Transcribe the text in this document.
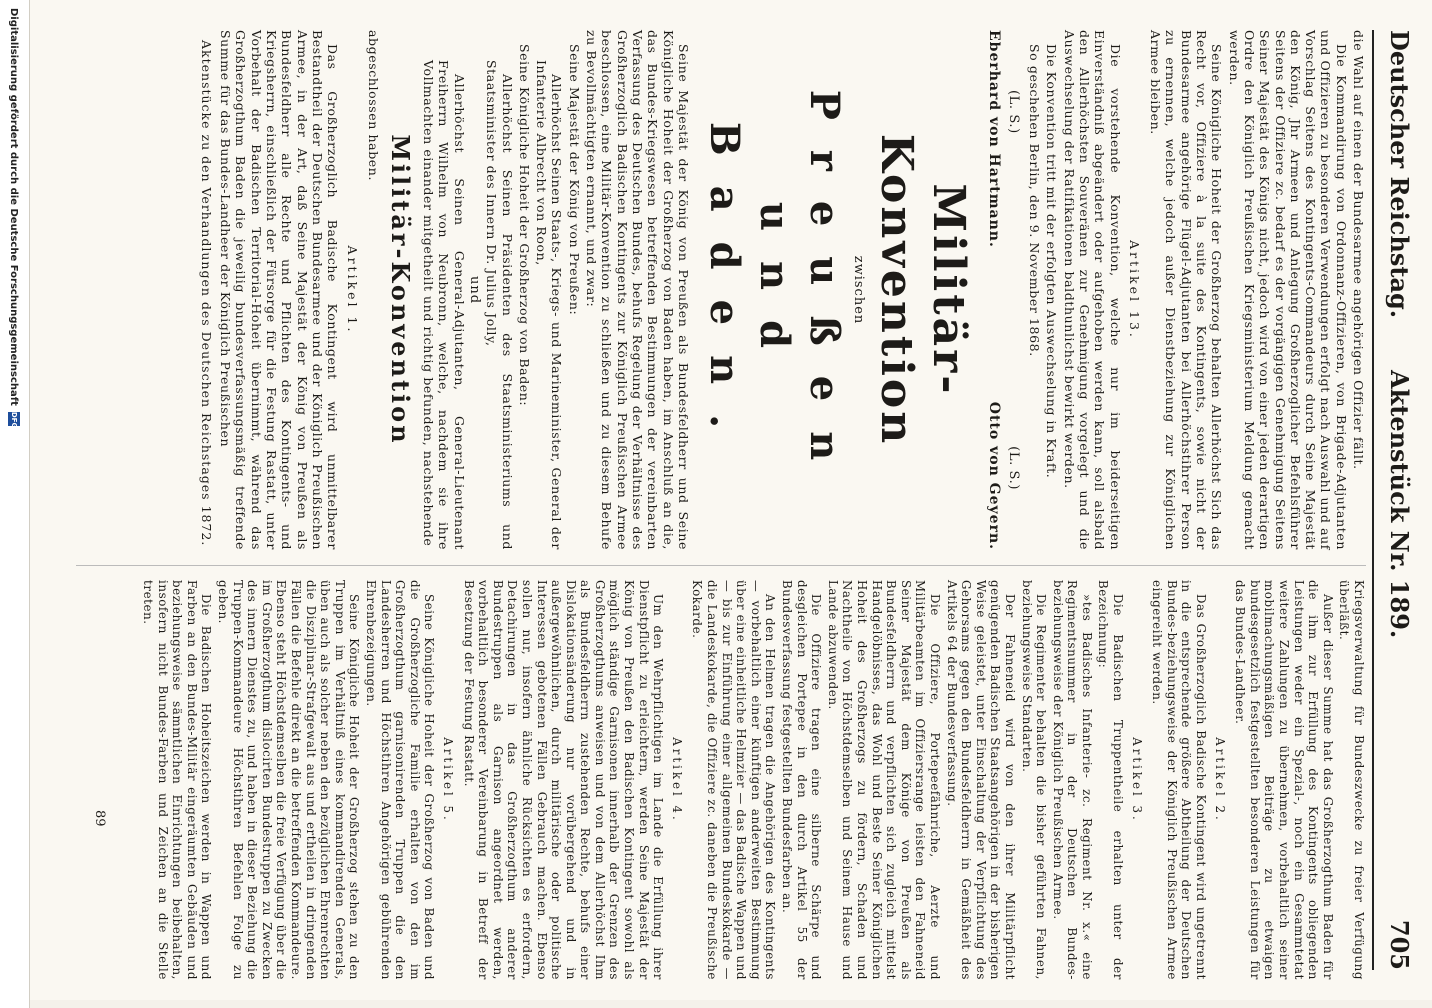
Deutscher Reichstag.
Aktenstück Nr. 189.
705

die Wahl auf einen der Bundesarmee angehörigen Offizier fällt.

Die Kommandirung von Ordonnanz-Offizieren, von Brigade-Adjutanten und Offizieren zu besonderen Verwendungen erfolgt nach Auswahl und auf Vorschlag Seitens des Kontingents-Commandeurs durch Seine Majestät den König, Jhr Armeen und Anlegung Großherzoglicher Befehlsführer Seitens der Offiziere zc. bedarf es der vorgängigen Genehmigung Seitens Seiner Majestät des Königs nicht, jedoch wird von einer jeden derartigen Ordre den Königlich Preußischen Kriegsministerium Meldung gemacht werden.

Seine Königliche Hoheit der Großherzog behalten Allerhöchst Sich das Recht vor, Offiziere à la suite des Kontingents, sowie nicht der Bundesarmee angehörige Flügel-Adjutanten bei Allerhöchstihrer Person zu ernennen, welche jedoch außer Dienstbeziehung zur Königlichen Armee bleiben.

Artikel 13.

Die vorstehende Konvention, welche nur im beiderseitigen Einverständniß abgeändert oder aufgehoben werden kann, soll alsbald den Allerhöchsten Souveränen zur Genehmigung vorgelegt und die Auswechselung der Ratifikationen baldthunlichst bewirkt werden.

Die Konvention tritt mit der erfolgten Auswechselung in Kraft.

So geschehen Berlin, den 9. November 1868.

(L. S.)
(L. S.)
Eberhard von Hartmann.
Otto von Geyern.
Militär-Konvention
zwischen
Preußen und Baden.

Seine Majestät der König von Preußen als Bundesfeldherr und Seine Königliche Hoheit der Großherzog von Baden haben, im Anschluß an die, das Bundes-Kriegswesen betreffenden Bestimmungen der vereinbarten Verfassung des Deutschen Bundes, behufs Regelung der Verhältnisse des Großherzoglich Badischen Kontingents zur Königlich Preußischen Armee beschlossen, eine Militär-Konvention zu schließen und zu diesem Behufe zu Bevollmächtigten ernannt, und zwar:

Seine Majestät der König von Preußen:

Allerhöchst Seinen Staats-, Kriegs- und Marineminister, General der Infanterie Albrecht von Roon,

Seine Königliche Hoheit der Großherzog von Baden:

Allerhöchst Seinen Präsidenten des Staatsministeriums und Staatsminister des Innern Dr. Julius Jolly,

und

Allerhöchst Seinen General-Adjutanten, General-Lieutenant Freiherrn Wilhelm von Neubronn, welche, nachdem sie ihre Vollmachten einander mitgetheilt und richtig befunden, nachstehende

Militär-Konvention

abgeschlossen haben.

Artikel 1.

Das Großherzoglich Badische Kontingent wird unmittelbarer Bestandtheil der Deutschen Bundesarmee und der Königlich Preußischen Armee, in der Art, daß Seine Majestät der König von Preußen als Bundesfeldherr alle Rechte und Pflichten des Kontingents- und Kriegsherrn, einschließlich der Fürsorge für die Festung Rastatt, unter Vorbehalt der Badischen Territorial-Hoheit übernimmt, während das Großherzogthum Baden die jeweilig bundesverfassungsmäßig treffende Summe für das Bundes-Landheer der Königlich Preußischen

Kriegsverwaltung für Bundeszwecke zu freier Verfügung überläßt.

Außer dieser Summe hat das Großherzogthum Baden für die ihm zur Erfüllung des Kontingents obliegenden Leistungen weder ein Spezial-, noch ein Gesammtetat weitere Zahlungen zu übernehmen, vorbehaltlich seiner mobilmachungsmäßigen Beiträge zu etwaigen bundesgesetzlich festgestellten besonderen Leistungen für das Bundes-Landheer.

Artikel 2.

Das Großherzoglich Badische Kontingent wird ungetrennt in die entsprechende größere Abtheilung der Deutschen Bundes-beziehungsweise der Königlich Preußischen Armee eingereiht werden.

Artikel 3.

Die Badischen Truppentheile erhalten unter der Bezeichnung:

»tes Badisches Infanterie- zc. Regiment Nr. x.« eine Regimentsnummer in der Deutschen Bundes- beziehungsweise der Königlich Preußischen Armee.

Die Regimenter behalten die bisher geführten Fahnen, beziehungsweise Standarten.

Der Fahneneid wird von den ihrer Militärpflicht genügenden Badischen Staatsangehörigen in der bisherigen Weise geleistet, unter Einschaltung der Verpflichtung des Gehorsams gegen den Bundesfeldherrn in Gemäßheit des Artikels 64 der Bundesverfassung.

Die Offiziere, Portepeefähnriche, Aerzte und Militärbeamten im Offiziersrange leisten den Fahneneid Seiner Majestät dem Könige von Preußen als Bundesfeldherrn und verpflichten sich zugleich mittelst Handgelöbnisses, das Wohl und Beste Seiner Königlichen Hoheit des Großherzogs zu fördern, Schaden und Nachtheile von Höchstdemselben und Seinem Hause und Lande abzuwenden.

Die Offiziere tragen eine silberne Schärpe und desgleichen Portepee in den durch Artikel 55 der Bundesverfassung festgestellten Bundesfarben an.

An den Helmen tragen die Angehörigen des Kontingents — vorbehaltlich einer künftigen anderweiten Bestimmung über eine einheitliche Helmzier — das Badische Wappen und — bis zur Einführung einer allgemeinen Bundeskokarde — die Landeskokarde, die Offiziere zc. daneben die Preußische Kokarde.

Artikel 4.

Um den Wehrpflichtigen im Lande die Erfüllung ihrer Dienstpflicht zu erleichtern, werden Seine Majestät der König von Preußen den Badischen Kontingent sowohl als möglich ständige Garnisonen innerhalb der Grenzen des Großherzogthums anweisen und von dem Allerhöchst Ihm als Bundesfeldherrn zustehenden Rechte, behufs einer Dislokationsänderung nur vorübergehend und in außergewöhnlichen, durch militärische oder politische Interessen gebotenen Fällen Gebrauch machen. Ebenso sollen nur, insofern ähnliche Rücksichten es erfordern, Detachirungen in das Großherzogthum anderer Bundestruppen als Garnison angeordnet werden, vorbehaltlich besonderer Vereinbarung in Betreff der Besetzung der Festung Rastatt.

Artikel 5.

Seine Königliche Hoheit der Großherzog von Baden und die Großherzogliche Familie erhalten von den im Großherzogthum garnisonirenden Truppen die den Landesherren und Höchstihren Angehörigen gebührenden Ehrenbezeigungen.

Seine Königliche Hoheit der Großherzog stehen zu den Truppen im Verhältniß eines kommandirenden Generals, üben auch als solcher neben den bezüglichen Ehrenrechten die Disziplinar-Strafgewalt aus und ertheilen in dringenden Fällen die Befehle direkt an die betreffenden Kommandeure. Ebenso steht Höchstdemselben die freie Verfügung über die im Großherzogthum dislocirten Bundestruppen zu Zwecken des innern Dienstes zu, und haben in dieser Beziehung die Truppen-Kommandeure Höchstihren Befehlen Folge zu geben.

Die Badischen Hoheitszeichen werden in Wappen und Farben an den Bundes-Militär eingeräumten Gebäuden und beziehungsweise sämmtlichen Einrichtungen beibehalten, insofern nicht Bundes-Farben und Zeichen an die Stelle treten.

Aktenstücke zu den Verhandlungen des Deutschen Reichstages 1872.
89
Digitalisierung gefördert durch die Deutsche Forschungsgemeinschaft
DFG
